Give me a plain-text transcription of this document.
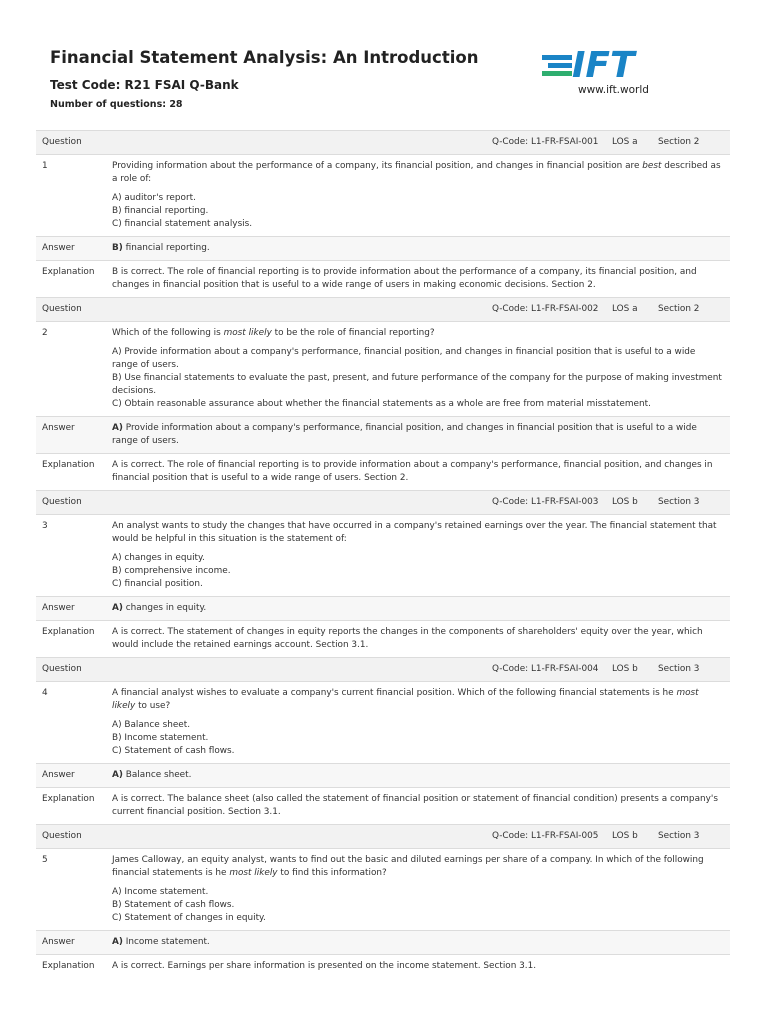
Financial Statement Analysis: An Introduction
Test Code: R21 FSAI Q-Bank
Number of questions: 28
IFT
www.ift.world
Question	Q-Code: L1-FR-FSAI-001	LOS a	Section 2
1	Providing information about the performance of a company, its financial position, and changes in financial position are best described as a role of:
A) auditor's report.
B) financial reporting.
C) financial statement analysis.
Answer	B) financial reporting.
Explanation	B is correct. The role of financial reporting is to provide information about the performance of a company, its financial position, and changes in financial position that is useful to a wide range of users in making economic decisions. Section 2.
Question	Q-Code: L1-FR-FSAI-002	LOS a	Section 2
2	Which of the following is most likely to be the role of financial reporting?
A) Provide information about a company's performance, financial position, and changes in financial position that is useful to a wide range of users.
B) Use financial statements to evaluate the past, present, and future performance of the company for the purpose of making investment decisions.
C) Obtain reasonable assurance about whether the financial statements as a whole are free from material misstatement.
Answer	A) Provide information about a company's performance, financial position, and changes in financial position that is useful to a wide range of users.
Explanation	A is correct. The role of financial reporting is to provide information about a company's performance, financial position, and changes in financial position that is useful to a wide range of users. Section 2.
Question	Q-Code: L1-FR-FSAI-003	LOS b	Section 3
3	An analyst wants to study the changes that have occurred in a company's retained earnings over the year. The financial statement that would be helpful in this situation is the statement of:
A) changes in equity.
B) comprehensive income.
C) financial position.
Answer	A) changes in equity.
Explanation	A is correct. The statement of changes in equity reports the changes in the components of shareholders' equity over the year, which would include the retained earnings account. Section 3.1.
Question	Q-Code: L1-FR-FSAI-004	LOS b	Section 3
4	A financial analyst wishes to evaluate a company's current financial position. Which of the following financial statements is he most likely to use?
A) Balance sheet.
B) Income statement.
C) Statement of cash flows.
Answer	A) Balance sheet.
Explanation	A is correct. The balance sheet (also called the statement of financial position or statement of financial condition) presents a company's current financial position. Section 3.1.
Question	Q-Code: L1-FR-FSAI-005	LOS b	Section 3
5	James Calloway, an equity analyst, wants to find out the basic and diluted earnings per share of a company. In which of the following financial statements is he most likely to find this information?
A) Income statement.
B) Statement of cash flows.
C) Statement of changes in equity.
Answer	A) Income statement.
Explanation	A is correct. Earnings per share information is presented on the income statement. Section 3.1.
